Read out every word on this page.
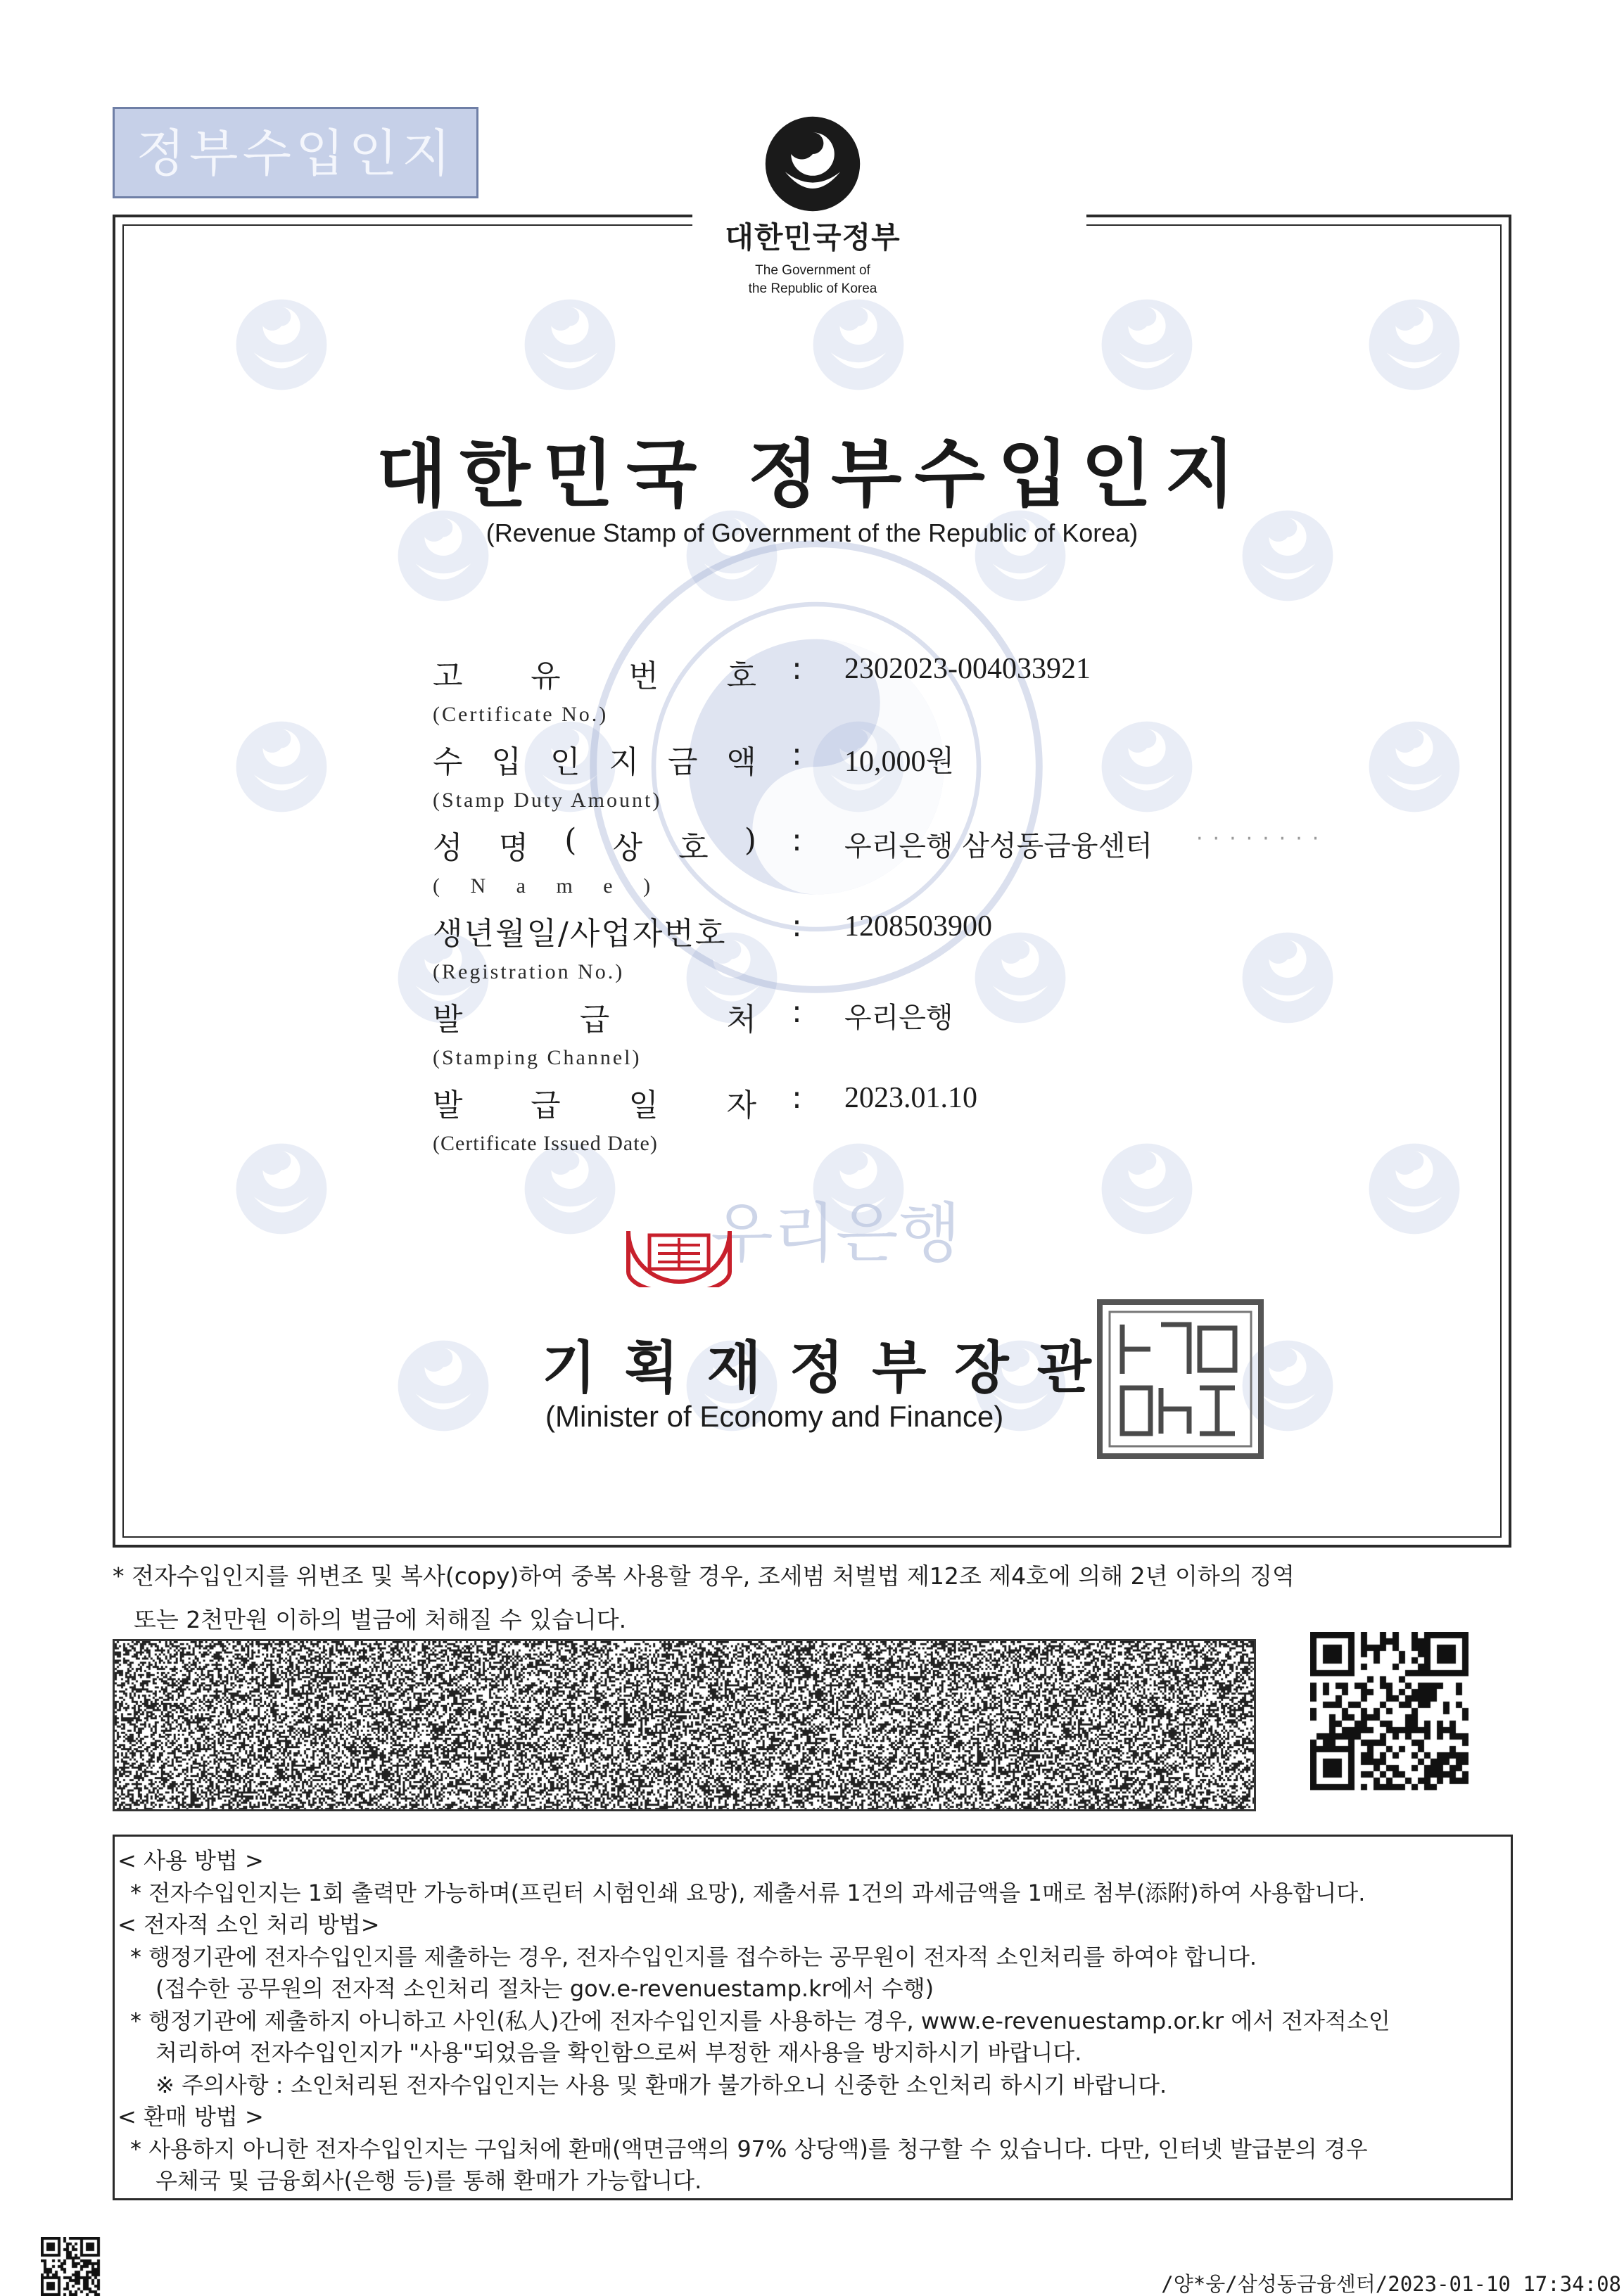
정부수입인지
우리은행
대한민국정부
The Government of
the Republic of Korea
대한민국 정부수입인지
(Revenue Stamp of Government of the Republic of Korea)
고 유 번 호
(Certificate No.)
: 2302023-004033921
수 입 인 지 금 액
(Stamp Duty Amount)
: 10,000원
성 명 ( 상 호 )
( N a m e )
: 우리은행 삼성동금융센터 ········
생년월일/사업자번호
(Registration No.)
: 1208503900
발	급	처
(Stamping Channel)
: 우리은행
발 급 일 자
(Certificate Issued Date)
: 2023.01.10
기획재정부장관
(Minister of Economy and Finance)
* 전자수입인지를 위변조 및 복사(copy)하여 중복 사용할 경우, 조세범 처벌법 제12조 제4호에 의해 2년 이하의 징역
또는 2천만원 이하의 벌금에 처해질 수 있습니다.
< 사용 방법 >
* 전자수입인지는 1회 출력만 가능하며(프린터 시험인쇄 요망), 제출서류 1건의 과세금액을 1매로 첨부(添附)하여 사용합니다.
< 전자적 소인 처리 방법>
* 행정기관에 전자수입인지를 제출하는 경우, 전자수입인지를 접수하는 공무원이 전자적 소인처리를 하여야 합니다.
(접수한 공무원의 전자적 소인처리 절차는 gov.e-revenuestamp.kr에서 수행)
* 행정기관에 제출하지 아니하고 사인(私人)간에 전자수입인지를 사용하는 경우, www.e-revenuestamp.or.kr 에서 전자적소인
처리하여 전자수입인지가 "사용"되었음을 확인함으로써 부정한 재사용을 방지하시기 바랍니다.
※ 주의사항 : 소인처리된 전자수입인지는 사용 및 환매가 불가하오니 신중한 소인처리 하시기 바랍니다.
< 환매 방법 >
* 사용하지 아니한 전자수입인지는 구입처에 환매(액면금액의 97% 상당액)를 청구할 수 있습니다. 다만, 인터넷 발급분의 경우
우체국 및 금융회사(은행 등)를 통해 환매가 가능합니다.
/양*웅/삼성동금융센터/2023-01-10 17:34:08
